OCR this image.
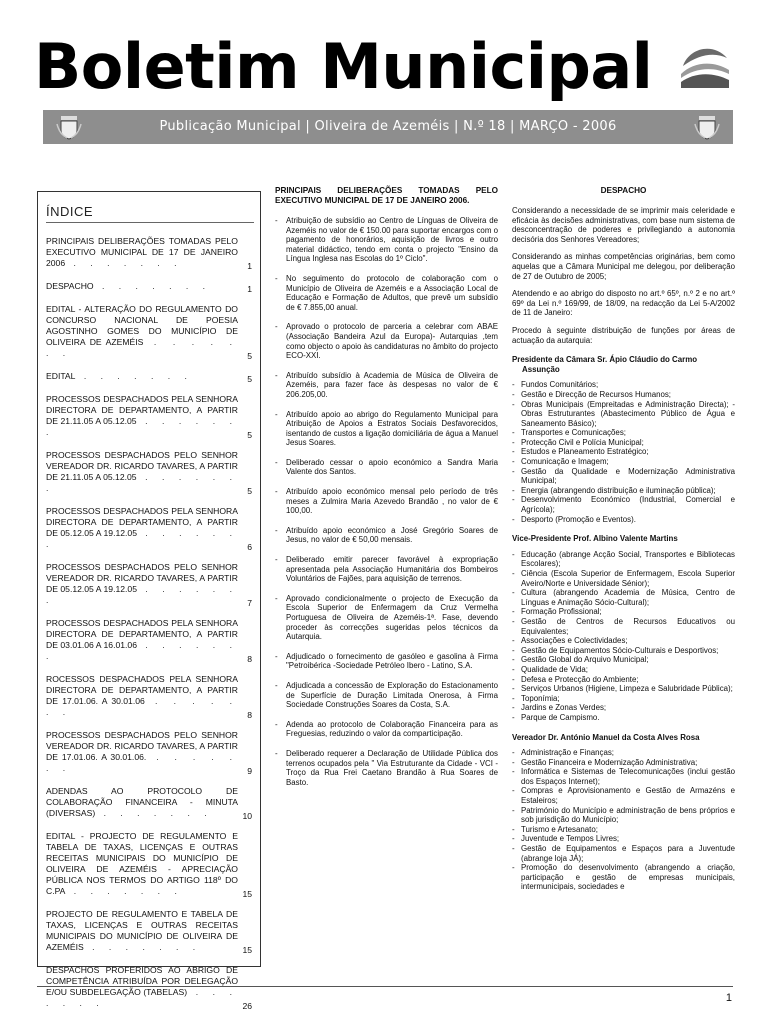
Boletim Municipal
Publicação Municipal | Oliveira de Azeméis | N.º 18 | MARÇO - 2006
ÍNDICE
PRINCIPAIS DELIBERAÇÕES TOMADAS PELO EXECUTIVO MUNICIPAL DE 17 DE JANEIRO 2006 . . . . . . .	1
DESPACHO . . . . . . .	1
EDITAL - ALTERAÇÃO DO REGULAMENTO DO CONCURSO NACIONAL DE POESIA AGOSTINHO GOMES DO MUNICÍPIO DE OLIVEIRA DE AZEMÉIS . . . . . . .	5
EDITAL . . . . . . .	5
PROCESSOS DESPACHADOS PELA SENHORA DIRECTORA DE DEPARTAMENTO, A PARTIR DE 21.11.05 A 05.12.05 . . . . . . .	5
PROCESSOS DESPACHADOS PELO SENHOR VEREADOR DR. RICARDO TAVARES, A PARTIR DE 21.11.05 A 05.12.05 . . . . . . .	5
PROCESSOS DESPACHADOS PELA SENHORA DIRECTORA DE DEPARTAMENTO, A PARTIR DE 05.12.05 A 19.12.05 . . . . . . .	6
PROCESSOS DESPACHADOS PELO SENHOR VEREADOR DR. RICARDO TAVARES, A PARTIR DE 05.12.05 A 19.12.05 . . . . . . .	7
PROCESSOS DESPACHADOS PELA SENHORA DIRECTORA DE DEPARTAMENTO, A PARTIR DE 03.01.06 A 16.01.06 . . . . . . .	8
ROCESSOS DESPACHADOS PELA SENHORA DIRECTORA DE DEPARTAMENTO, A PARTIR DE 17.01.06. A 30.01.06 . . . . . . .	8
PROCESSOS DESPACHADOS PELO SENHOR VEREADOR DR. RICARDO TAVARES, A PARTIR DE 17.01.06. A 30.01.06. . . . . . . .	9
ADENDAS AO PROTOCOLO DE COLABORAÇÃO FINANCEIRA - MINUTA (DIVERSAS) . . . . . . .	10
EDITAL - PROJECTO DE REGULAMENTO E TABELA DE TAXAS, LICENÇAS E OUTRAS RECEITAS MUNICIPAIS DO MUNICÍPIO DE OLIVEIRA DE AZEMÉIS - APRECIAÇÃO PÚBLICA NOS TERMOS DO ARTIGO 118º DO C.PA . . . . . . .	15
PROJECTO DE REGULAMENTO E TABELA DE TAXAS, LICENÇAS E OUTRAS RECEITAS MUNICIPAIS DO MUNICÍPIO DE OLIVEIRA DE AZEMÉIS . . . . . . .	15
DESPACHOS PROFERIDOS AO ABRIGO DE COMPETÊNCIA ATRIBUÍDA POR DELEGAÇÃO E/OU SUBDELEGAÇÃO (TABELAS) . . . . . . .	26
PRINCIPAIS DELIBERAÇÕES TOMADAS PELO EXECUTIVO MUNICIPAL DE 17 DE JANEIRO 2006.
- Atribuição de subsídio ao Centro de Línguas de Oliveira de Azeméis no valor de € 150.00 para suportar encargos com o pagamento de honorários, aquisição de livros e outro material didáctico, tendo em conta o projecto "Ensino da Língua Inglesa nas Escolas do 1º Ciclo".
- No seguimento do protocolo de colaboração com o Município de Oliveira de Azeméis e a Associação Local de Educação e Formação de Adultos, que prevê um subsídio de € 7.855,00 anual.
- Aprovado o protocolo de parceria a celebrar com ABAE (Associação Bandeira Azul da Europa)- Autarquias ,tem como objecto o apoio às candidaturas no âmbito do projecto ECO-XXI.
- Atribuído subsídio à Academia de Música de Oliveira de Azeméis, para fazer face às despesas no valor de € 206.205,00.
- Atribuído apoio ao abrigo do Regulamento Municipal para Atribuição de Apoios a Estratos Sociais Desfavorecidos, isentando de custos a ligação domiciliária de água a Manuel Jesus Soares.
- Deliberado cessar o apoio económico a Sandra Maria Valente dos Santos.
- Atribuído apoio económico mensal pelo período de três meses a Zulmira Maria Azevedo Brandão , no valor de € 100,00.
- Atribuído apoio económico a José Gregório Soares de Jesus, no valor de € 50,00 mensais.
- Deliberado emitir parecer favorável à expropriação apresentada pela Associação Humanitária dos Bombeiros Voluntários de Fajões, para aquisição de terrenos.
- Aprovado condicionalmente o projecto de Execução da Escola Superior de Enfermagem da Cruz Vermelha Portuguesa de Oliveira de Azeméis-1ª. Fase, devendo proceder às correcções sugeridas pelos técnicos da Autarquia.
- Adjudicado o fornecimento de gasóleo e gasolina à Firma "Petroibérica -Sociedade Petróleo Ibero - Latino, S.A.
- Adjudicada a concessão de Exploração do Estacionamento de Superfície de Duração Limitada Onerosa, à Firma Sociedade Construções Soares da Costa, S.A.
- Adenda ao protocolo de Colaboração Financeira para as Freguesias, reduzindo o valor da comparticipação.
- Deliberado requerer a Declaração de Utilidade Pública dos terrenos ocupados pela " Via Estruturante da Cidade - VCI - Troço da Rua Frei Caetano Brandão à Rua Soares de Basto.
DESPACHO

Considerando a necessidade de se imprimir mais celeridade e eficácia às decisões administrativas, com base num sistema de desconcentração de poderes e privilegiando a autonomia decisória dos Senhores Vereadores;

Considerando as minhas competências originárias, bem como aquelas que a Câmara Municipal me delegou, por deliberação de 27 de Outubro de 2005;

Atendendo e ao abrigo do disposto no art.º 65º, n.º 2 e no art.º 69º da Lei n.º 169/99, de 18/09, na redacção da Lei 5-A/2002 de 11 de Janeiro:

Procedo à seguinte distribuição de funções por áreas de actuação da autarquia:

Presidente da Câmara Sr. Ápio Cláudio do Carmo
Assunção
- Fundos Comunitários;
- Gestão e Direcção de Recursos Humanos;
- Obras Municipais (Empreitadas e Administração Directa); - Obras Estruturantes (Abastecimento Público de Água e Saneamento Básico);
- Transportes e Comunicações;
- Protecção Civil e Polícia Municipal;
- Estudos e Planeamento Estratégico;
- Comunicação e Imagem;
- Gestão da Qualidade e Modernização Administrativa Municipal;
- Energia (abrangendo distribuição e iluminação pública);
- Desenvolvimento Económico (Industrial, Comercial e Agrícola);
- Desporto (Promoção e Eventos).
Vice-Presidente Prof. Albino Valente Martins
- Educação (abrange Acção Social, Transportes e Bibliotecas Escolares);
- Ciência (Escola Superior de Enfermagem, Escola Superior Aveiro/Norte e Universidade Sénior);
- Cultura (abrangendo Academia de Música, Centro de Línguas e Animação Sócio-Cultural);
- Formação Profissional;
- Gestão de Centros de Recursos Educativos ou Equivalentes;
- Associações e Colectividades;
- Gestão de Equipamentos Sócio-Culturais e Desportivos;
- Gestão Global do Arquivo Municipal;
- Qualidade de Vida;
- Defesa e Protecção do Ambiente;
- Serviços Urbanos (Higiene, Limpeza e Salubridade Pública);
- Toponímia;
- Jardins e Zonas Verdes;
- Parque de Campismo.
Vereador Dr. António Manuel da Costa Alves Rosa
- Administração e Finanças;
- Gestão Financeira e Modernização Administrativa;
- Informática e Sistemas de Telecomunicações (inclui gestão dos Espaços Internet);
- Compras e Aprovisionamento e Gestão de Armazéns e Estaleiros;
- Património do Município e administração de bens próprios e sob jurisdição do Município;
- Turismo e Artesanato;
- Juventude e Tempos Livres;
- Gestão de Equipamentos e Espaços para a Juventude (abrange loja JÁ);
- Promoção do desenvolvimento (abrangendo a criação, participação e gestão de empresas municipais, intermunicipais, sociedades e
1
